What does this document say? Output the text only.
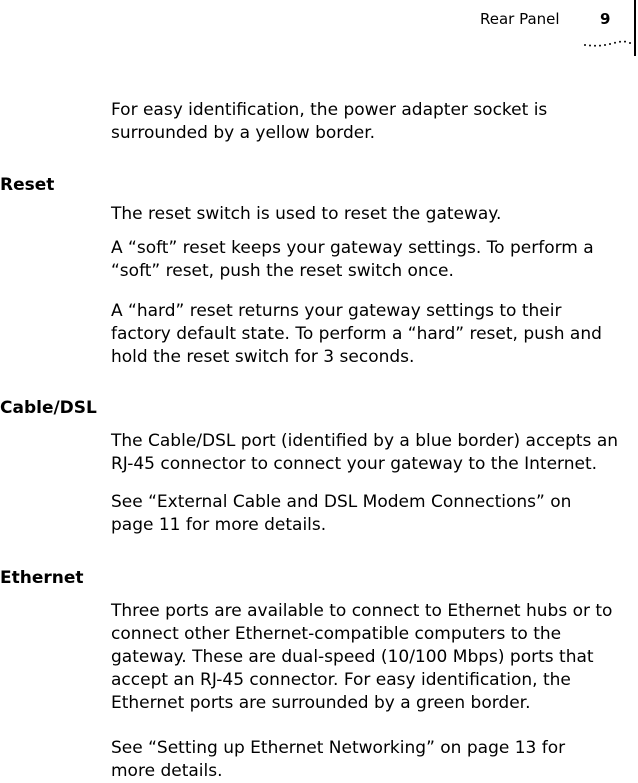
Rear Panel	9

For easy identification, the power adapter socket is
surrounded by a yellow border.

Reset

The reset switch is used to reset the gateway.

A “soft” reset keeps your gateway settings. To perform a
“soft” reset, push the reset switch once.

A “hard” reset returns your gateway settings to their
factory default state. To perform a “hard” reset, push and
hold the reset switch for 3 seconds.

Cable/DSL

The Cable/DSL port (identified by a blue border) accepts an
RJ-45 connector to connect your gateway to the Internet.

See “External Cable and DSL Modem Connections” on
page 11 for more details.

Ethernet

Three ports are available to connect to Ethernet hubs or to
connect other Ethernet-compatible computers to the
gateway. These are dual-speed (10/100 Mbps) ports that
accept an RJ-45 connector. For easy identification, the
Ethernet ports are surrounded by a green border.

See “Setting up Ethernet Networking” on page 13 for
more details.
